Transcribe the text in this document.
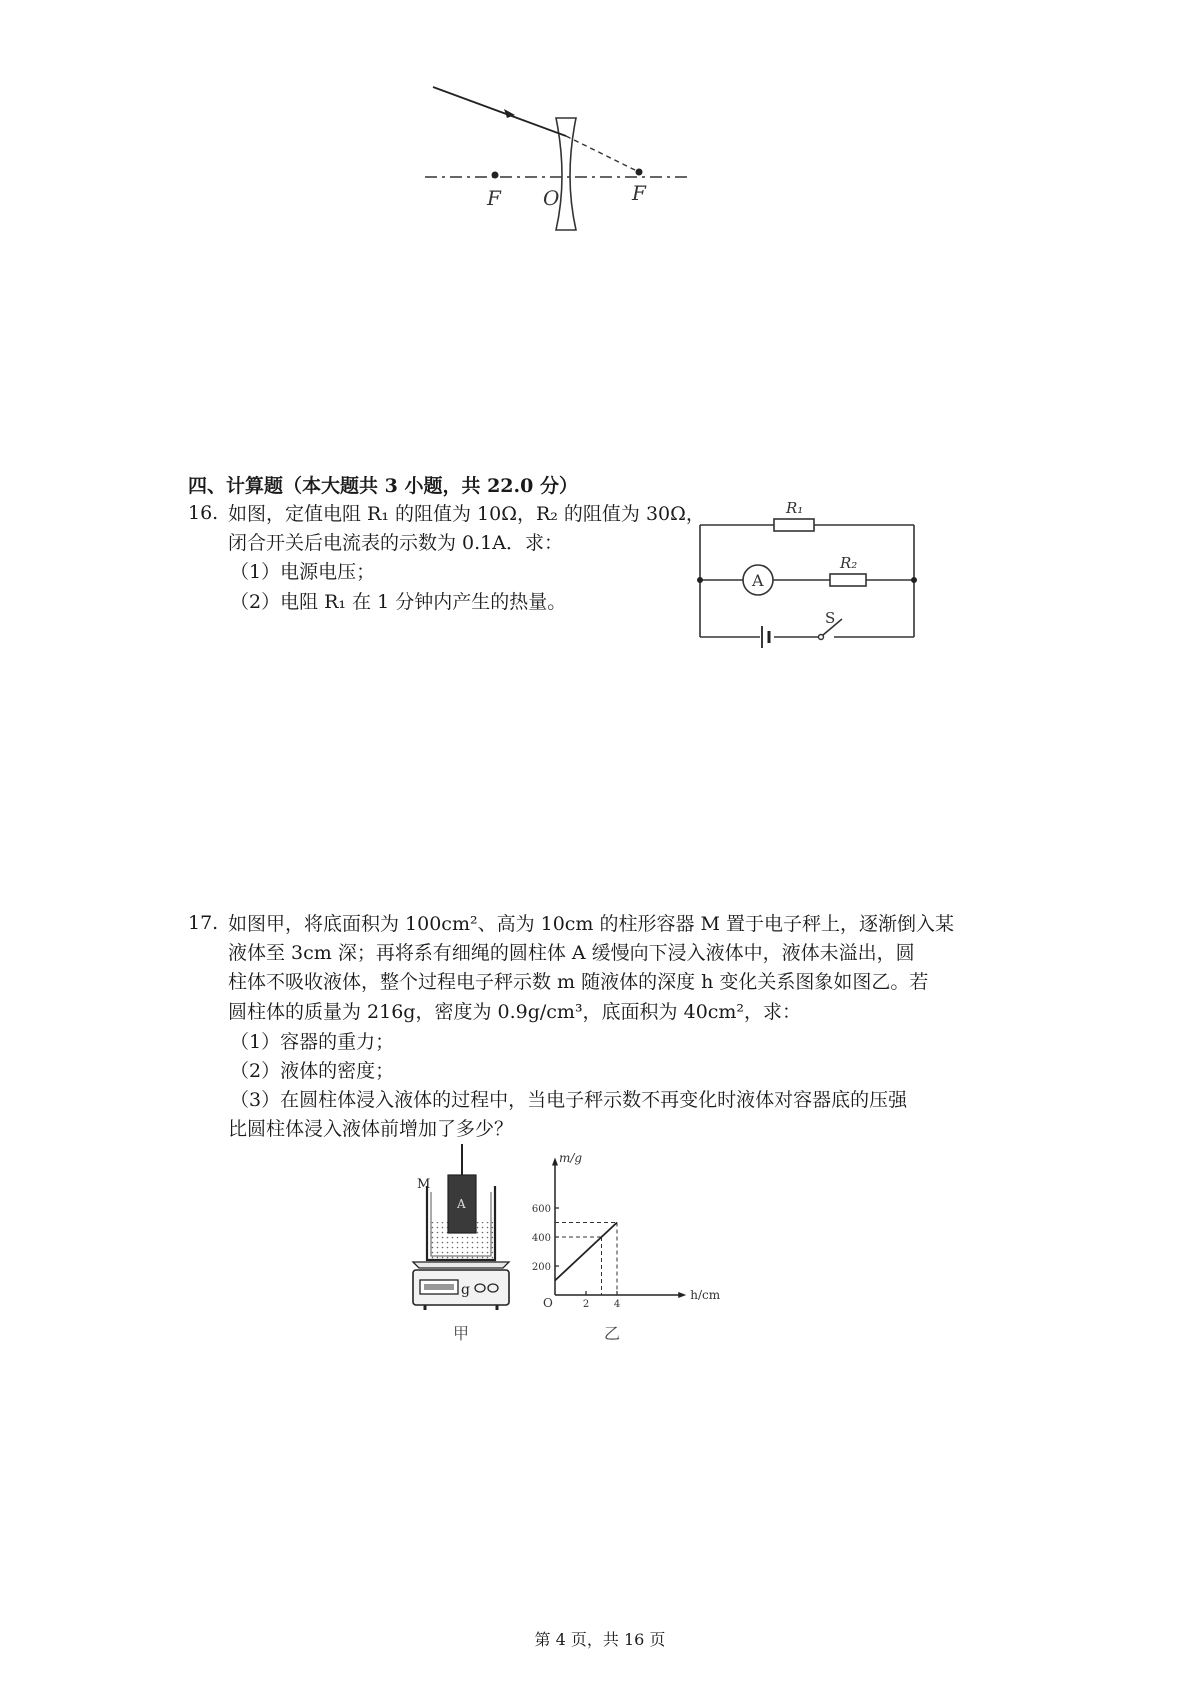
F O	F
四、计算题（本大题共 3 小题，共 22.0 分）
16. 如图，定值电阻 R₁ 的阻值为 10Ω，R₂ 的阻值为 30Ω，
闭合开关后电流表的示数为 0.1A．求：
（1）电源电压；
（2）电阻 R₁ 在 1 分钟内产生的热量。
A
R₁
R₂
S
17. 如图甲，将底面积为 100cm²、高为 10cm 的柱形容器 M 置于电子秤上，逐渐倒入某
液体至 3cm 深；再将系有细绳的圆柱体 A 缓慢向下浸入液体中，液体未溢出，圆
柱体不吸收液体，整个过程电子秤示数 m 随液体的深度 h 变化关系图象如图乙。若
圆柱体的质量为 216g，密度为 0.9g/cm³，底面积为 40cm²，求：
（1）容器的重力；
（2）液体的密度；
（3）在圆柱体浸入液体的过程中，当电子秤示数不再变化时液体对容器底的压强
比圆柱体浸入液体前增加了多少？
g
M
A
甲
200
400
600
2 4
m/g
h/cm
O
乙
第 4 页，共 16 页
